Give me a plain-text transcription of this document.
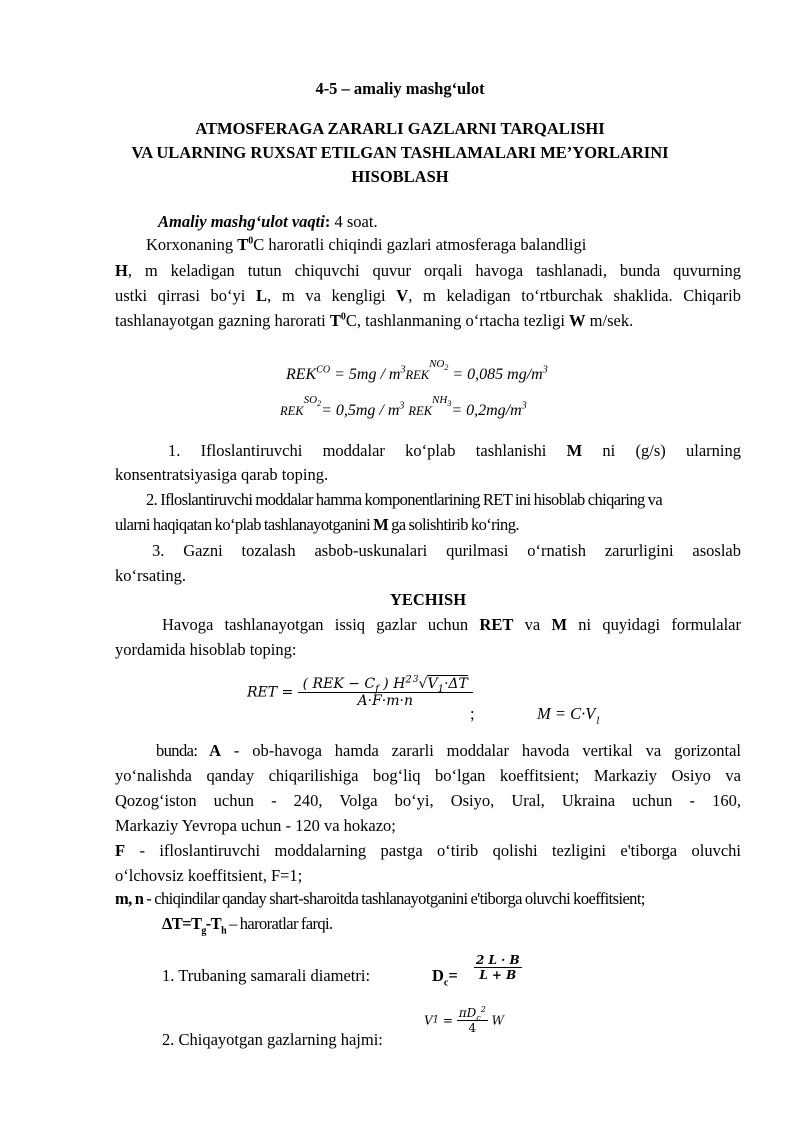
4-5 – amaliy mashg‘ulot
ATMOSFERAGA ZARARLI GAZLARNI TARQALISHI
VA ULARNING RUXSAT ETILGAN TASHLAMALARI ME’YORLARINI
HISOBLASH
Amaliy mashg‘ulot vaqti: 4 soat.
Korxonaning $T^0C$ haroratli chiqindi gazlari atmosferaga balandligi
H, m keladigan tutun chiquvchi quvur orqali havoga tashlanadi, bunda quvurning
ustki qirrasi bo‘yi L, m va kengligi V, m keladigan to‘rtburchak shaklida. Chiqarib
tashlanayotgan gazning harorati $T^0C$, tashlanmaning o‘rtacha tezligi W m/sek.
$REK^{CO} = 5mg / m^3REK^{NO_2} = 0,085$ $mg/m^3$
$REK^{SO_2}= 0,5mg / m^3$ $REK^{NH_3}= 0,2mg/m^3$
1. Ifloslantiruvchi moddalar ko‘plab tashlanishi M ni (g/s) ularning
konsentratsiyasiga qarab toping.
2. Ifloslantiruvchi moddalar hamma komponentlarining RET ini hisoblab chiqaring va
ularni haqiqatan ko‘plab tashlanayotganini M ga solishtirib ko‘ring.
3. Gazni tozalash asbob-uskunalari qurilmasi o‘rnatish zarurligini asoslab
ko‘rsating.
YECHISH
Havoga tashlanayotgan issiq gazlar uchun RET va M ni quyidagi formulalar
yordamida hisoblab toping:
RET = $\frac{( REK - C_f ) H^{23}√V_1\cdot\Delta T}{A\cdot F\cdot m\cdot n}$
;	$M = C\cdot V_1$
bunda: A - ob-havoga hamda zararli moddalar havoda vertikal va gorizontal
yo‘nalishda qanday chiqarilishiga bog‘liq bo‘lgan koeffitsient; Markaziy Osiyo va
Qozog‘iston uchun - 240, Volga bo‘yi, Osiyo, Ural, Ukraina uchun - 160,
Markaziy Yevropa uchun - 120 va hokazo;
F - ifloslantiruvchi moddalarning pastga o‘tirib qolishi tezligini e'tiborga oluvchi
o‘lchovsiz koeffitsient, F=1;
m, n - chiqindilar qanday shart-sharoitda tashlanayotganini e'tiborga oluvchi koeffitsient;
$\Delta T=T_g-T_h$ – haroratlar farqi.
1. Trubaning samarali diametri:	$D_c= \frac{2 L \cdot B}{L + B}$
2. Chiqayotgan gazlarning hajmi:
$V1 = \frac{\pi D_c^2}{4}$ W
